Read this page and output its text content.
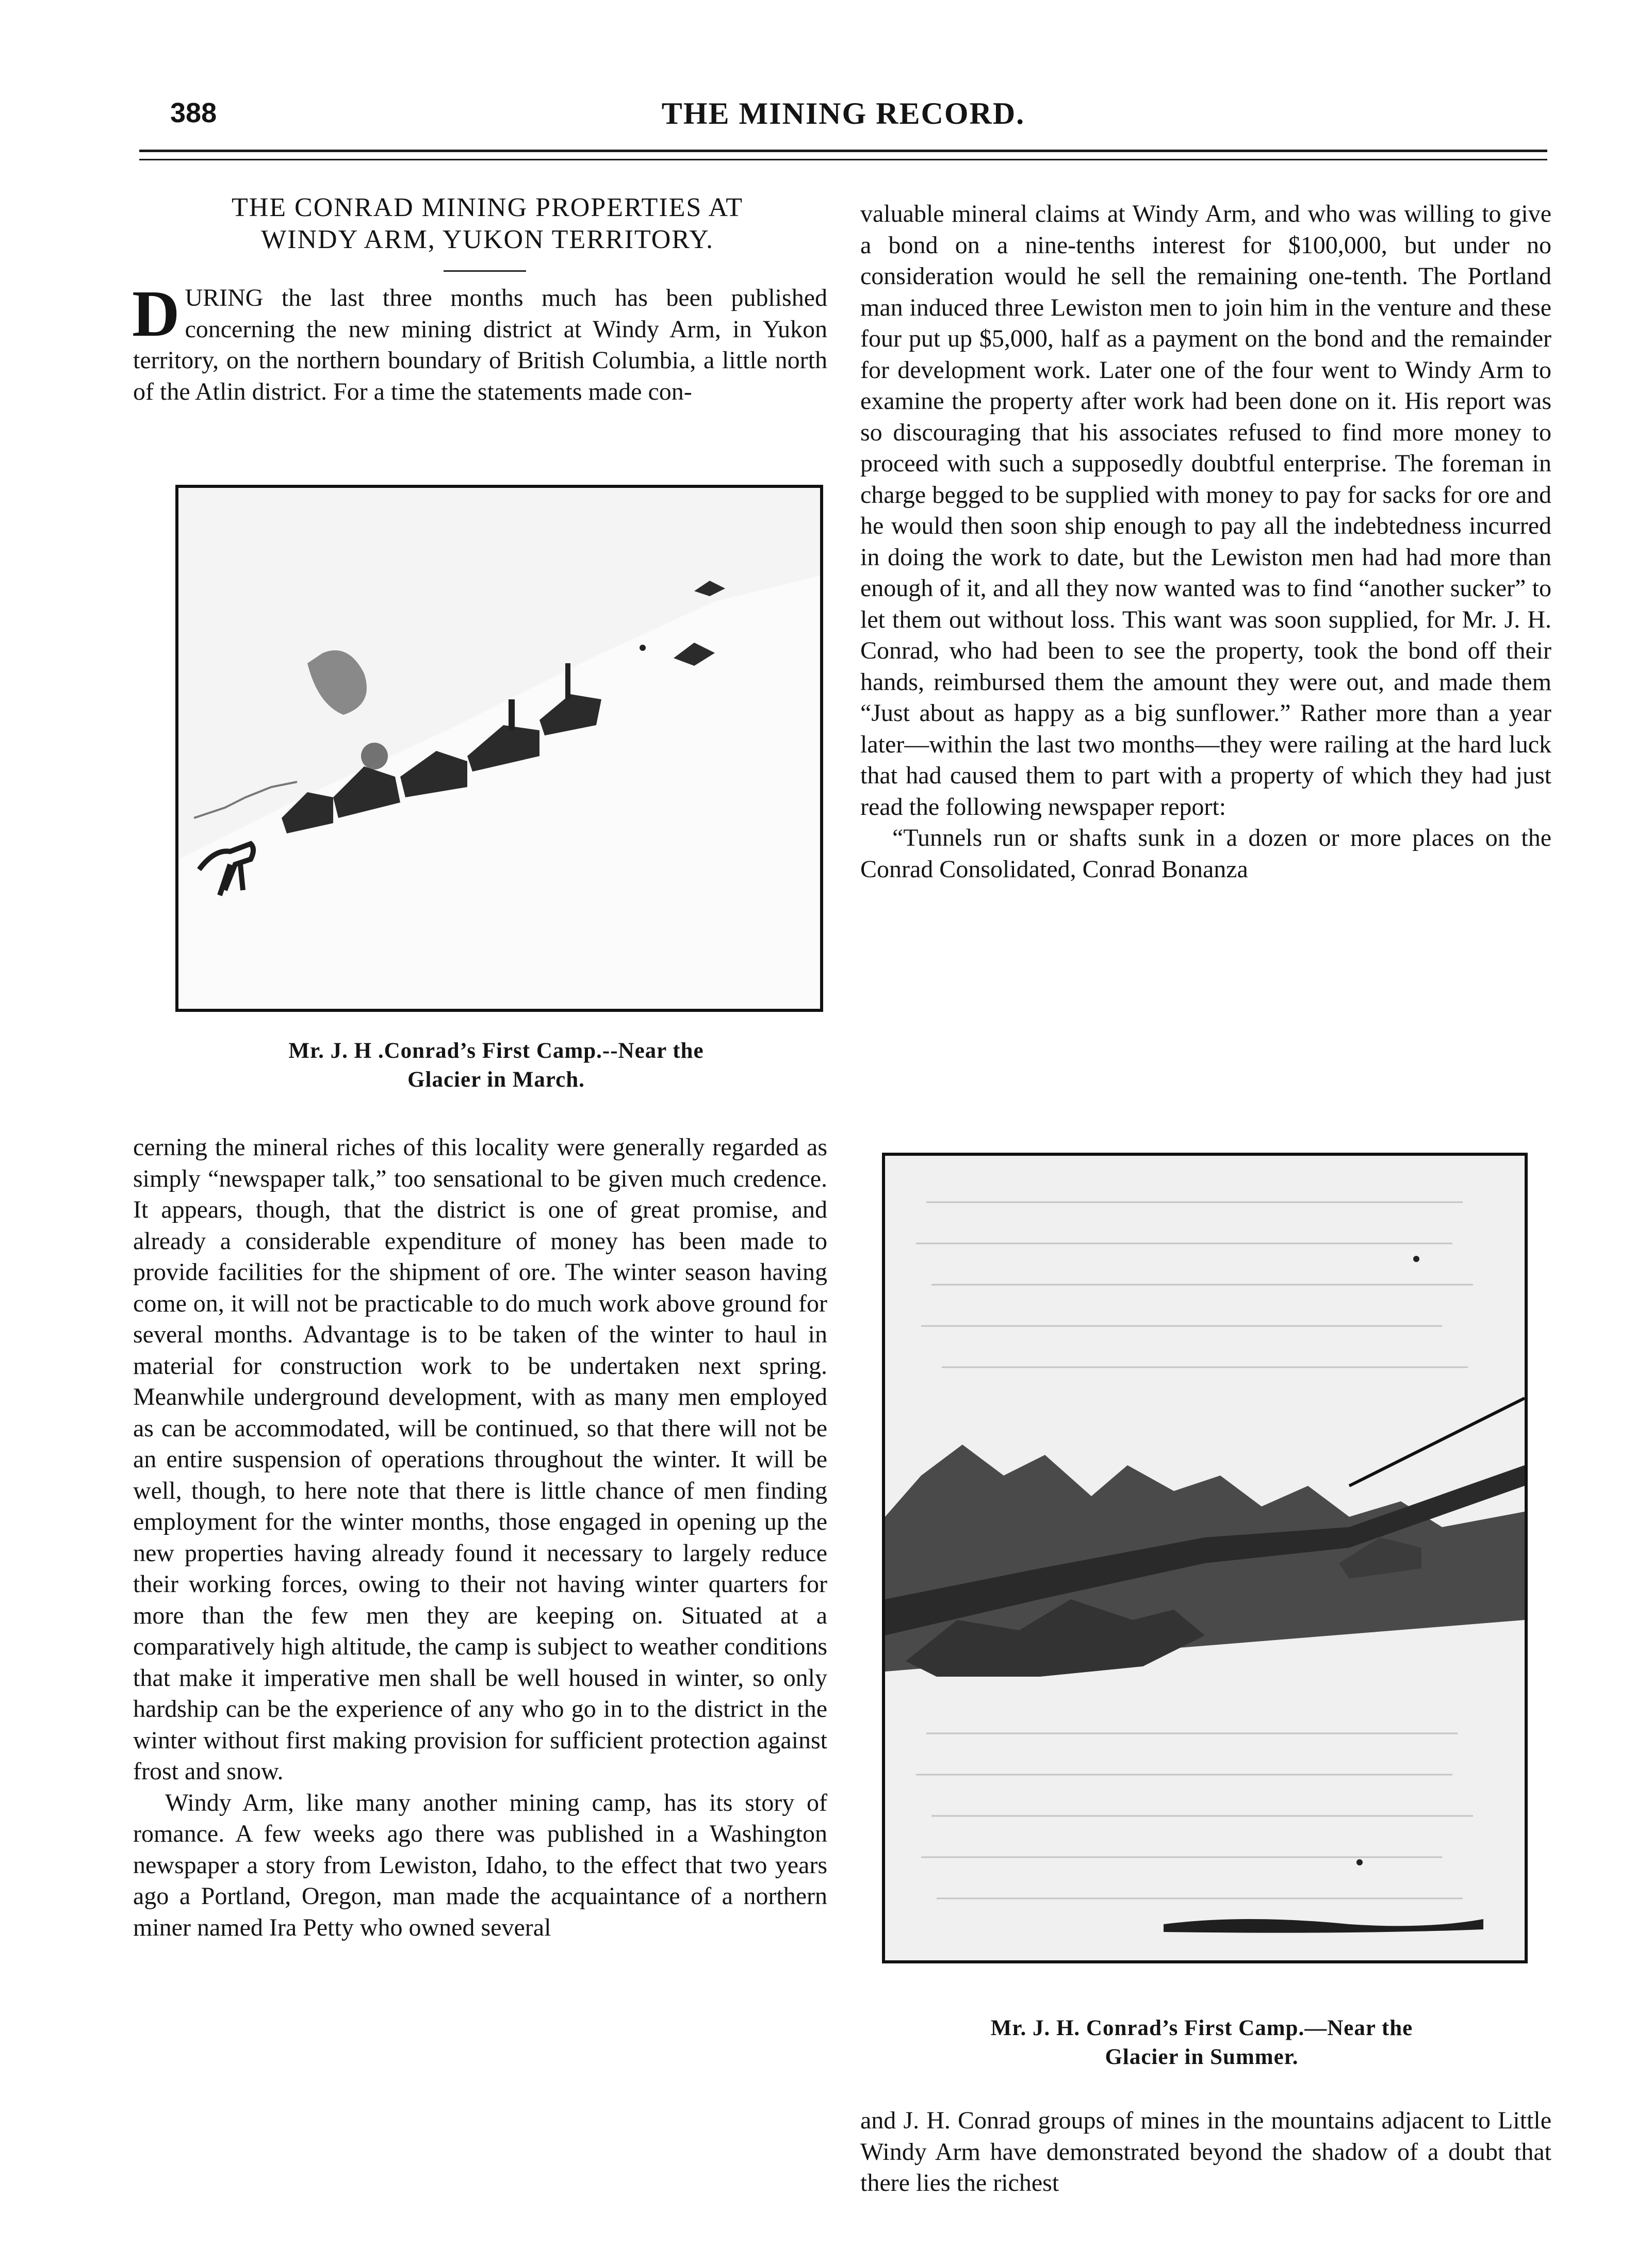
388	THE MINING RECORD.
THE CONRAD MINING PROPERTIES AT
WINDY ARM, YUKON TERRITORY.

DURING the last three months much has been published concerning the new mining district at Windy Arm, in Yukon territory, on the northern boundary of British Columbia, a little north of the Atlin district. For a time the statements made con-

Mr. J. H .Conrad’s First Camp.--Near the
Glacier in March.

cerning the mineral riches of this locality were generally regarded as simply “newspaper talk,” too sensational to be given much credence. It appears, though, that the district is one of great promise, and already a considerable expenditure of money has been made to provide facilities for the shipment of ore. The winter season having come on, it will not be practicable to do much work above ground for several months. Advantage is to be taken of the winter to haul in material for construction work to be undertaken next spring. Meanwhile underground development, with as many men employed as can be accommodated, will be continued, so that there will not be an entire suspension of operations throughout the winter. It will be well, though, to here note that there is little chance of men finding employment for the winter months, those engaged in opening up the new properties having already found it necessary to largely reduce their working forces, owing to their not having winter quarters for more than the few men they are keeping on. Situated at a comparatively high altitude, the camp is subject to weather conditions that make it imperative men shall be well housed in winter, so only hardship can be the experience of any who go in to the district in the winter without first making provision for sufficient protection against frost and snow.

Windy Arm, like many another mining camp, has its story of romance. A few weeks ago there was published in a Washington newspaper a story from Lewiston, Idaho, to the effect that two years ago a Portland, Oregon, man made the acquaintance of a northern miner named Ira Petty who owned several

valuable mineral claims at Windy Arm, and who was willing to give a bond on a nine-tenths interest for $100,000, but under no consideration would he sell the remaining one-tenth. The Portland man induced three Lewiston men to join him in the venture and these four put up $5,000, half as a payment on the bond and the remainder for development work. Later one of the four went to Windy Arm to examine the property after work had been done on it. His report was so discouraging that his associates refused to find more money to proceed with such a supposedly doubtful enterprise. The foreman in charge begged to be supplied with money to pay for sacks for ore and he would then soon ship enough to pay all the indebtedness incurred in doing the work to date, but the Lewiston men had had more than enough of it, and all they now wanted was to find “another sucker” to let them out without loss. This want was soon supplied, for Mr. J. H. Conrad, who had been to see the property, took the bond off their hands, reimbursed them the amount they were out, and made them “Just about as happy as a big sunflower.” Rather more than a year later—within the last two months—they were railing at the hard luck that had caused them to part with a property of which they had just read the following newspaper report:

“Tunnels run or shafts sunk in a dozen or more places on the Conrad Consolidated, Conrad Bonanza

Mr. J. H. Conrad’s First Camp.—Near the
Glacier in Summer.

and J. H. Conrad groups of mines in the mountains adjacent to Little Windy Arm have demonstrated beyond the shadow of a doubt that there lies the richest
